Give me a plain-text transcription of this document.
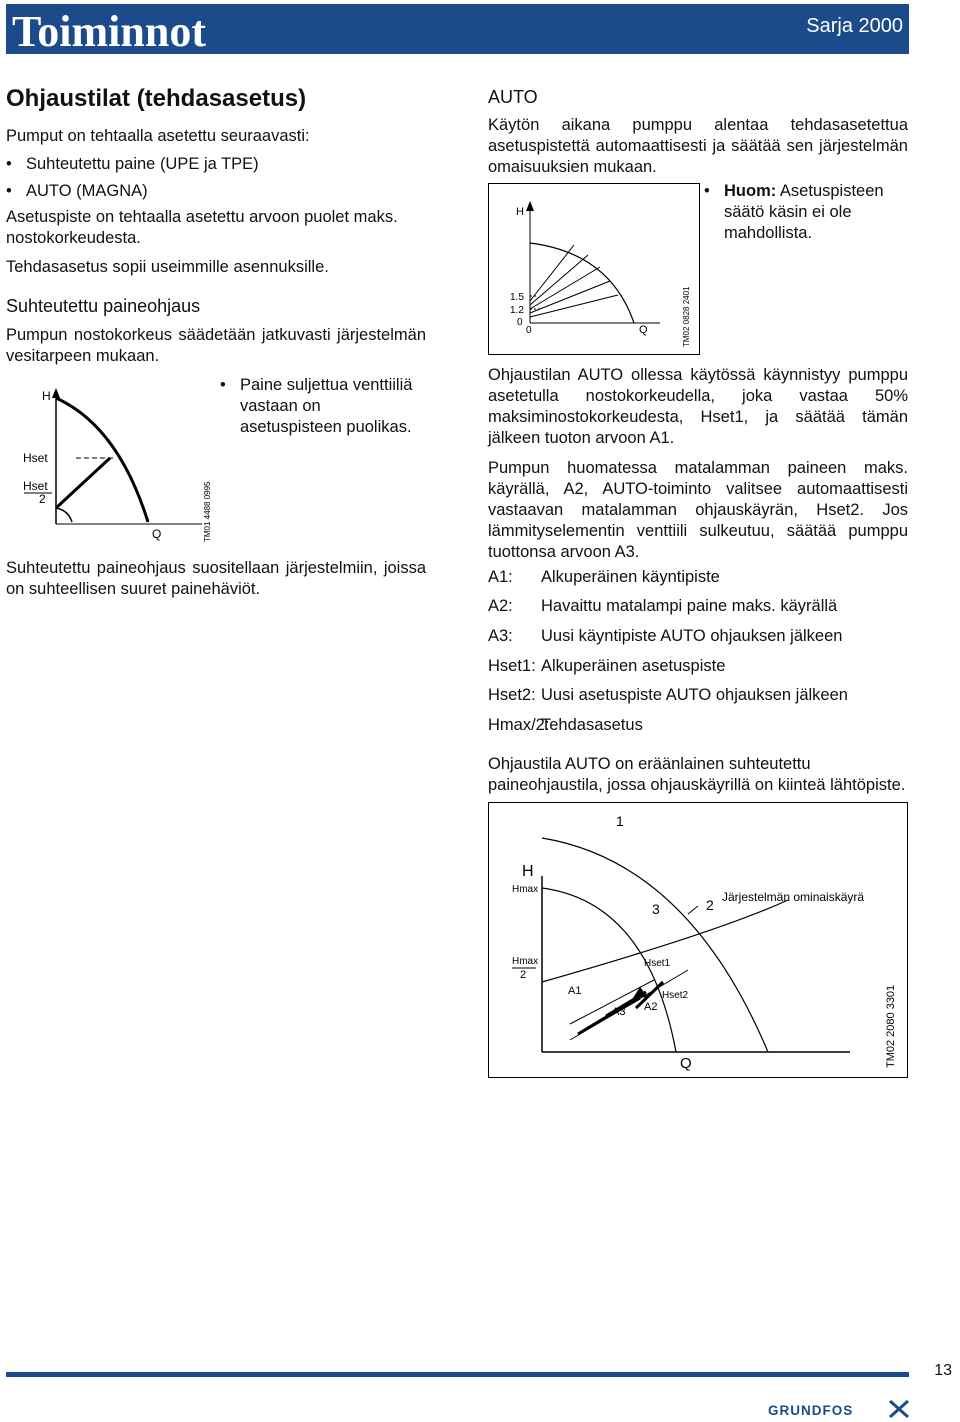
Toiminnot	Sarja 2000
Ohjaustilat (tehdasasetus)

Pumput on tehtaalla asetettu seuraavasti:

• Suhteutettu paine (UPE ja TPE)
• AUTO (MAGNA)

Asetuspiste on tehtaalla asetettu arvoon puolet maks. nostokorkeudesta.

Tehdasasetus sopii useimmille asennuksille.

Suhteutettu paineohjaus

Pumpun nostokorkeus säädetään jatkuvasti järjestelmän vesitarpeen mukaan.

H
Hset
Hset
2
Q	TM01 4488 0995
• Paine suljettua venttiiliä vastaan on asetuspisteen puolikas.

Suhteutettu paineohjaus suositellaan järjestelmiin, joissa on suhteellisen suuret painehäviöt.

AUTO

Käytön aikana pumppu alentaa tehdasasetettua asetuspistettä automaattisesti ja säätää sen järjestelmän omaisuuksien mukaan.

H
1.5
1.2
0
0	Q	TM02 0828 2401
• Huom: Asetuspisteen säätö käsin ei ole mahdollista.

Ohjaustilan AUTO ollessa käytössä käynnistyy pumppu asetetulla nostokorkeudella, joka vastaa 50% maksiminostokorkeudesta, Hset1, ja säätää tämän jälkeen tuoton arvoon A1.

Pumpun huomatessa matalamman paineen maks. käyrällä, A2, AUTO-toiminto valitsee automaattisesti vastaavan matalamman ohjauskäyrän, Hset2. Jos lämmityselementin venttiili sulkeutuu, säätää pumppu tuottonsa arvoon A3.

A1:	Alkuperäinen käyntipiste
A2:	Havaittu matalampi paine maks. käyrällä
A3:	Uusi käyntipiste AUTO ohjauksen jälkeen
Hset1: Alkuperäinen asetuspiste
Hset2: Uusi asetuspiste AUTO ohjauksen jälkeen
Hmax/2:
Tehdasasetus

Ohjaustila AUTO on eräänlainen suhteutettu paineohjaustila, jossa ohjauskäyrillä on kiinteä lähtöpiste.

1
H
Hmax
Hmax
2
3	2 Järjestelmän ominaiskäyrä
Hset1
Hset2
A1
A2
A3
Q	TM02 2080 3301
13
GRUNDFOS
